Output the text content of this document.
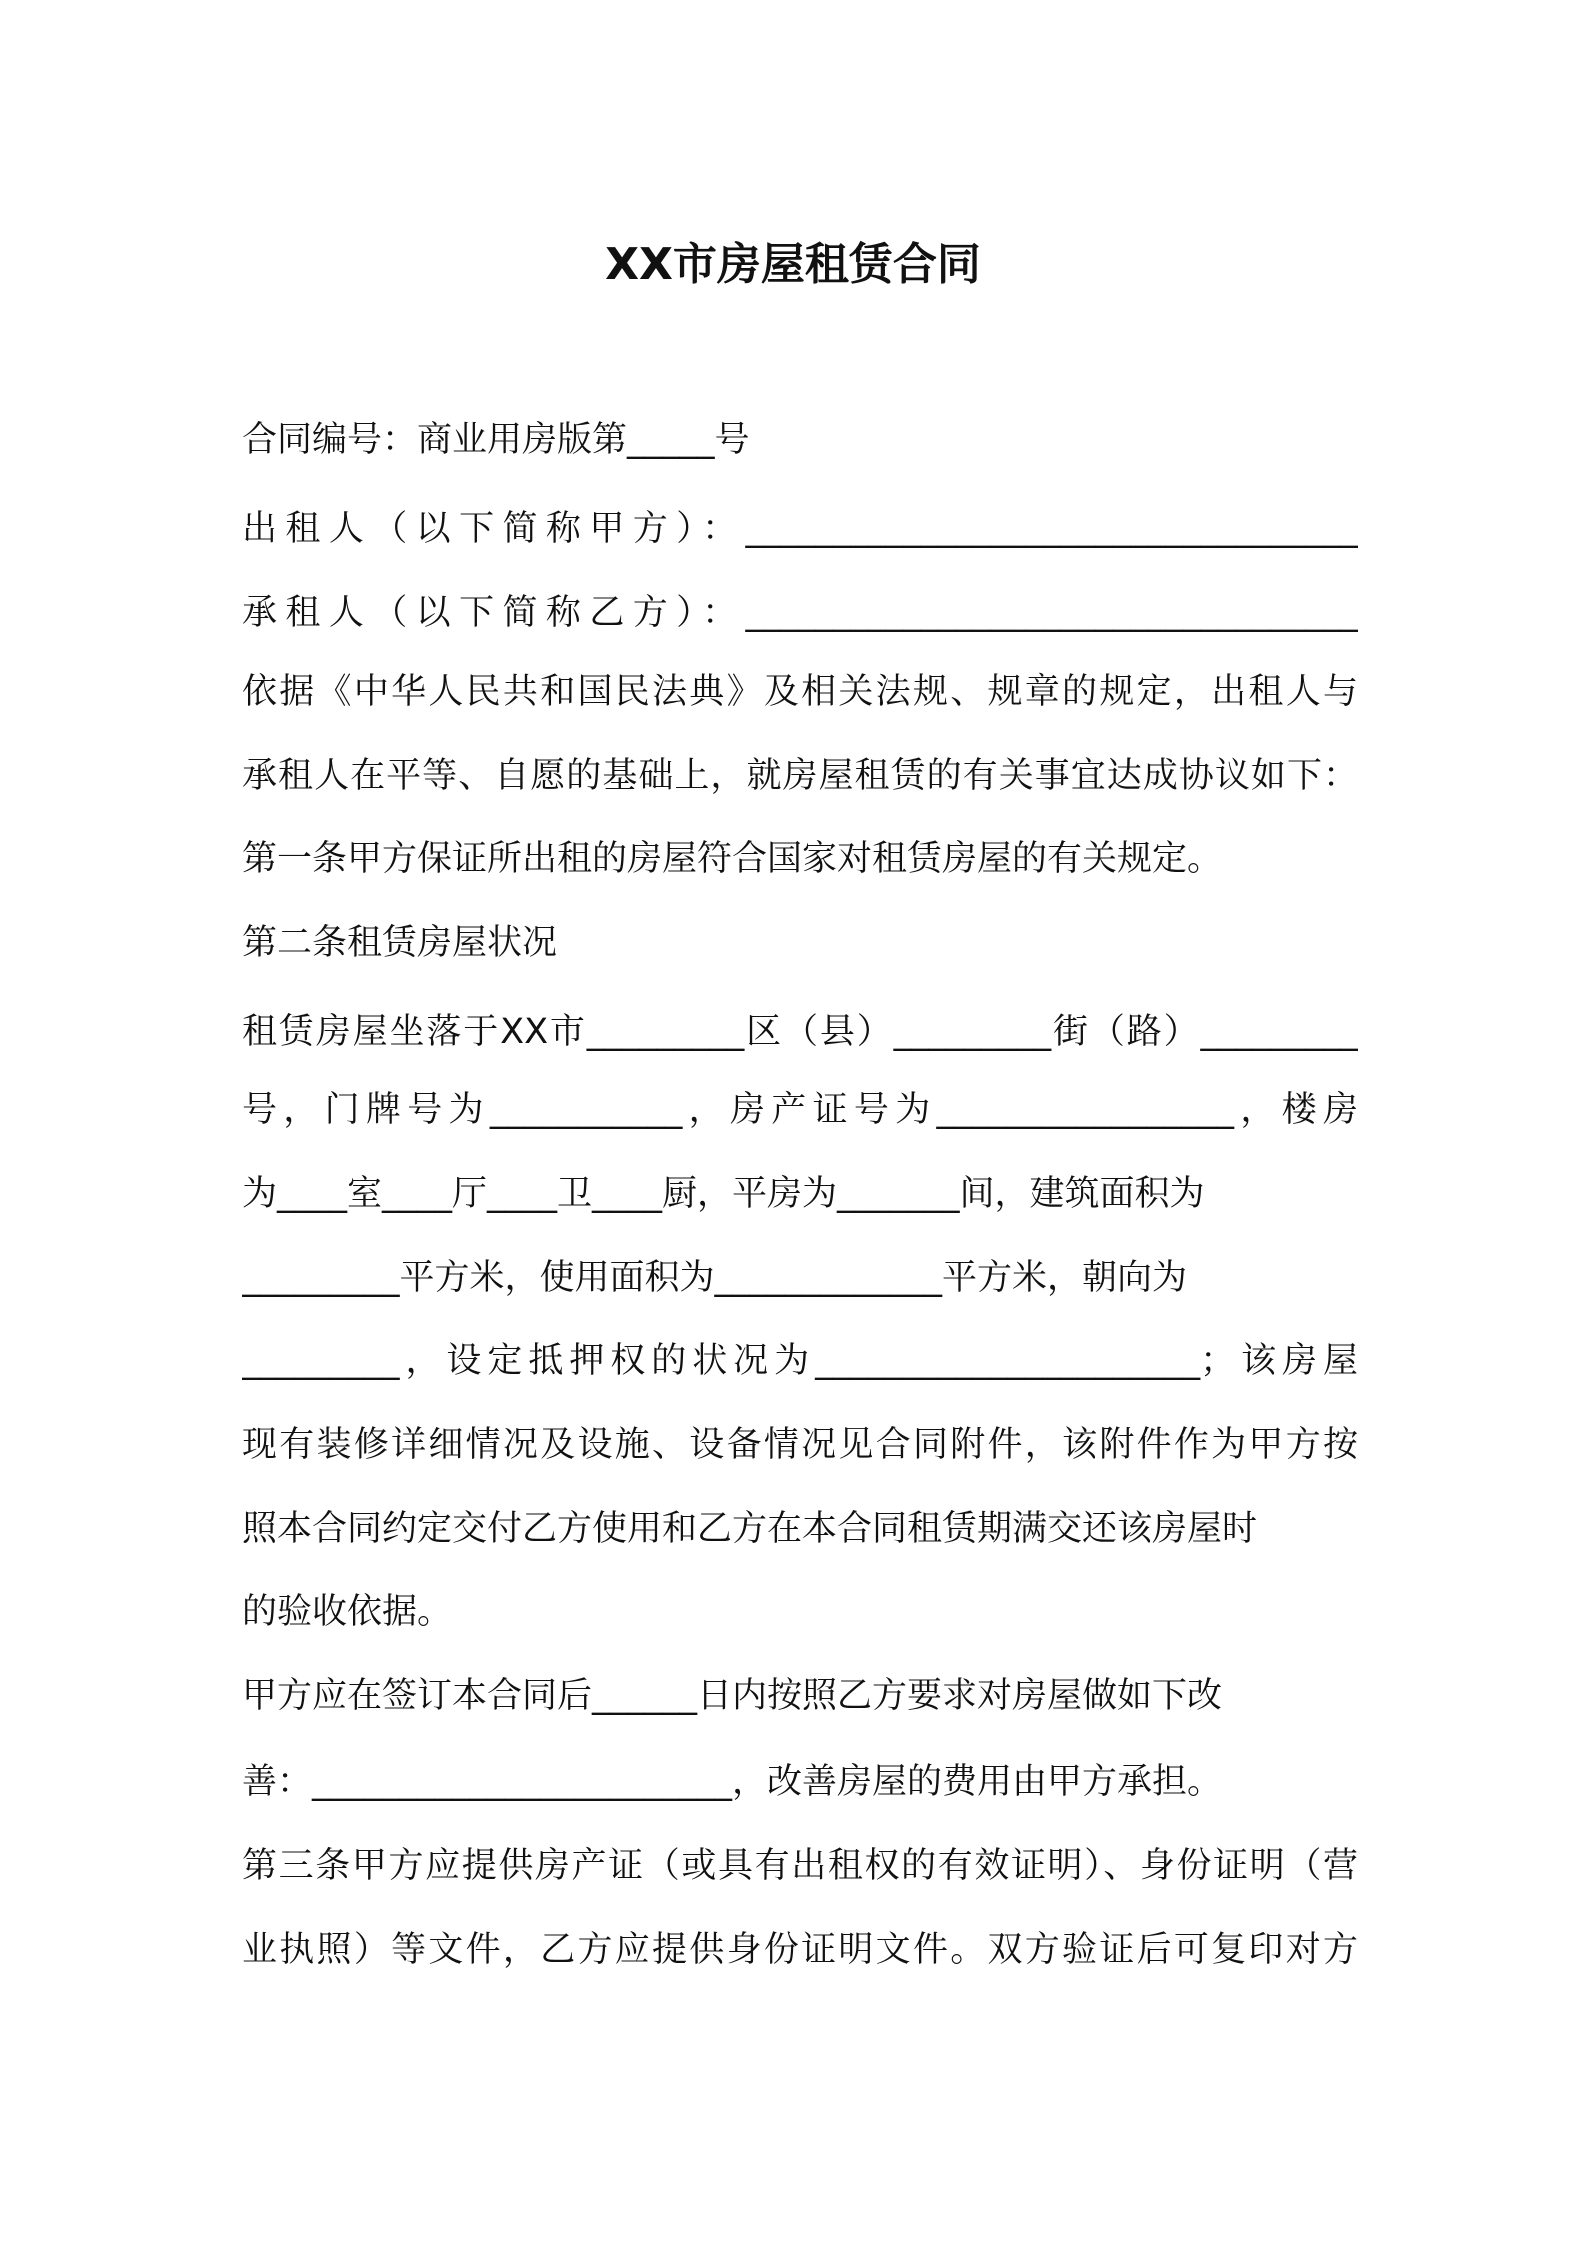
XX市房屋租赁合同
合同编号：商业用房版第_____号
出租人（以下简称甲方）：___________________________________
承租人（以下简称乙方）：___________________________________
依据《中华人民共和国民法典》及相关法规、规章的规定，出租人与
承租人在平等、自愿的基础上，就房屋租赁的有关事宜达成协议如下：
第一条甲方保证所出租的房屋符合国家对租赁房屋的有关规定。
第二条租赁房屋状况
租赁房屋坐落于XX市_________区（县）_________街（路）_________
号，门牌号为___________，房产证号为_________________，楼房
为____室____厅____卫____厨，平房为_______间，建筑面积为
_________平方米，使用面积为_____________平方米，朝向为
_________，设定抵押权的状况为______________________；该房屋
现有装修详细情况及设施、设备情况见合同附件，该附件作为甲方按
照本合同约定交付乙方使用和乙方在本合同租赁期满交还该房屋时
的验收依据。
甲方应在签订本合同后______日内按照乙方要求对房屋做如下改
善：________________________，改善房屋的费用由甲方承担。
第三条甲方应提供房产证（或具有出租权的有效证明）、身份证明（营
业执照）等文件，乙方应提供身份证明文件。双方验证后可复印对方
